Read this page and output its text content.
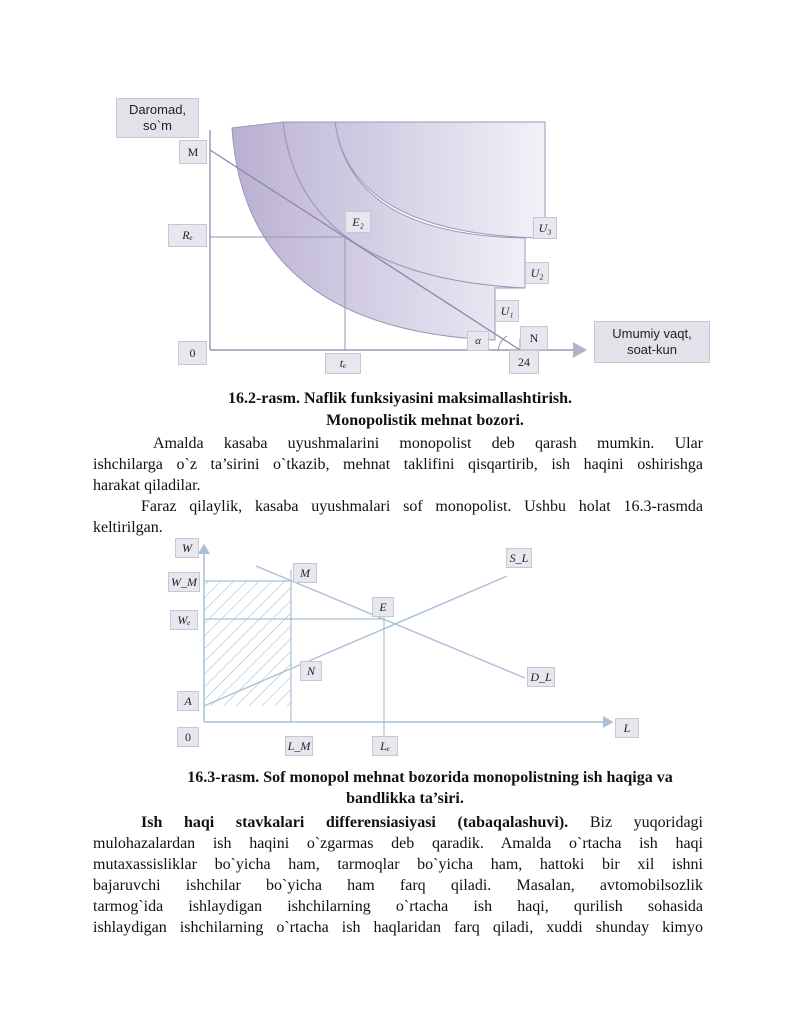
Daromad,
so`m
M
Rₑ
E₂	U₃
U₂
U₁
N
α
0
tₑ	24
Umumiy vaqt,
soat-kun
16.2-rasm. Naflik funksiyasini maksimallashtirish.
Monopolistik mehnat bozori.
Amalda kasaba uyushmalarini monopolist deb qarash mumkin. Ular
ishchilarga o`z ta’sirini o`tkazib, mehnat taklifini qisqartirib, ish haqini oshirishga
harakat qiladilar.
Faraz qilaylik, kasaba uyushmalari sof monopolist. Ushbu holat 16.3-rasmda
keltirilgan.
W
W_M
Wₑ
A
0
M
E
N
S_L
D_L
L
L_M	Lₑ
16.3-rasm. Sof monopol mehnat bozorida monopolistning ish haqiga va
bandlikka ta’siri.
Ish haqi stavkalari differensiasiyasi (tabaqalashuvi). Biz yuqoridagi
mulohazalardan ish haqini o`zgarmas deb qaradik. Amalda o`rtacha ish haqi
mutaxassisliklar bo`yicha ham, tarmoqlar bo`yicha ham, hattoki bir xil ishni
bajaruvchi ishchilar bo`yicha ham farq qiladi. Masalan, avtomobilsozlik
tarmog`ida ishlaydigan ishchilarning o`rtacha ish haqi, qurilish sohasida
ishlaydigan ishchilarning o`rtacha ish haqlaridan farq qiladi, xuddi shunday kimyo
